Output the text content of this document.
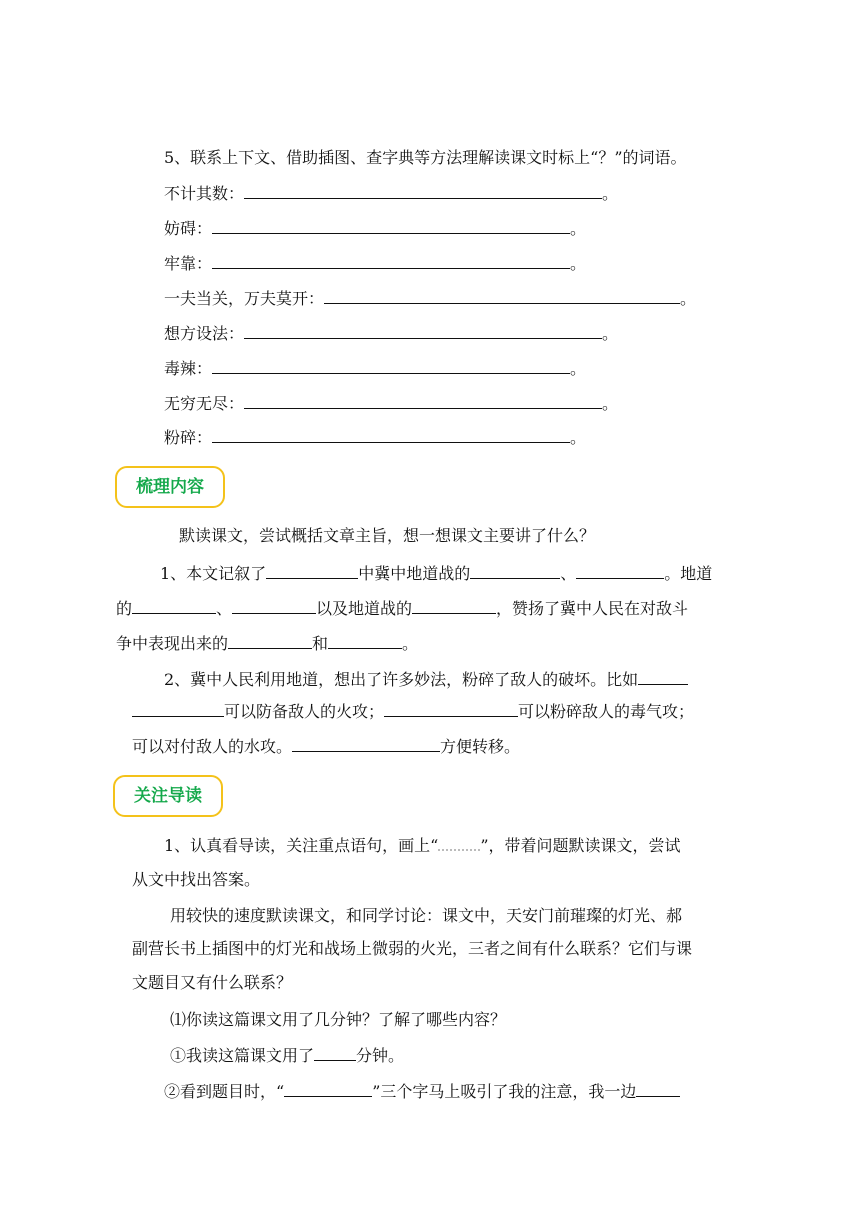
5、联系上下文、借助插图、查字典等方法理解读课文时标上“？”的词语。
不计其数：	。
妨碍：	。
牢靠：	。
一夫当关，万夫莫开：	。
想方设法：	。
毒辣：	。
无穷无尽：	。
粉碎：	。
梳理内容
默读课文，尝试概括文章主旨，想一想课文主要讲了什么？
1、本文记叙了	中冀中地道战的	、	。地道
的	、	以及地道战的	，赞扬了冀中人民在对敌斗
争中表现出来的	和	。
2、冀中人民利用地道，想出了许多妙法，粉碎了敌人的破坏。比如
可以防备敌人的火攻；	可以粉碎敌人的毒气攻；
可以对付敌人的水攻。	方便转移。
关注导读
1、认真看导读，关注重点语句，画上“	”，带着问题默读课文，尝试
从文中找出答案。
用较快的速度默读课文，和同学讨论：课文中，天安门前璀璨的灯光、郝
副营长书上插图中的灯光和战场上微弱的火光，三者之间有什么联系？它们与课
文题目又有什么联系？
⑴你读这篇课文用了几分钟？了解了哪些内容？
①我读这篇课文用了	分钟。
②看到题目时，“	”三个字马上吸引了我的注意，我一边
